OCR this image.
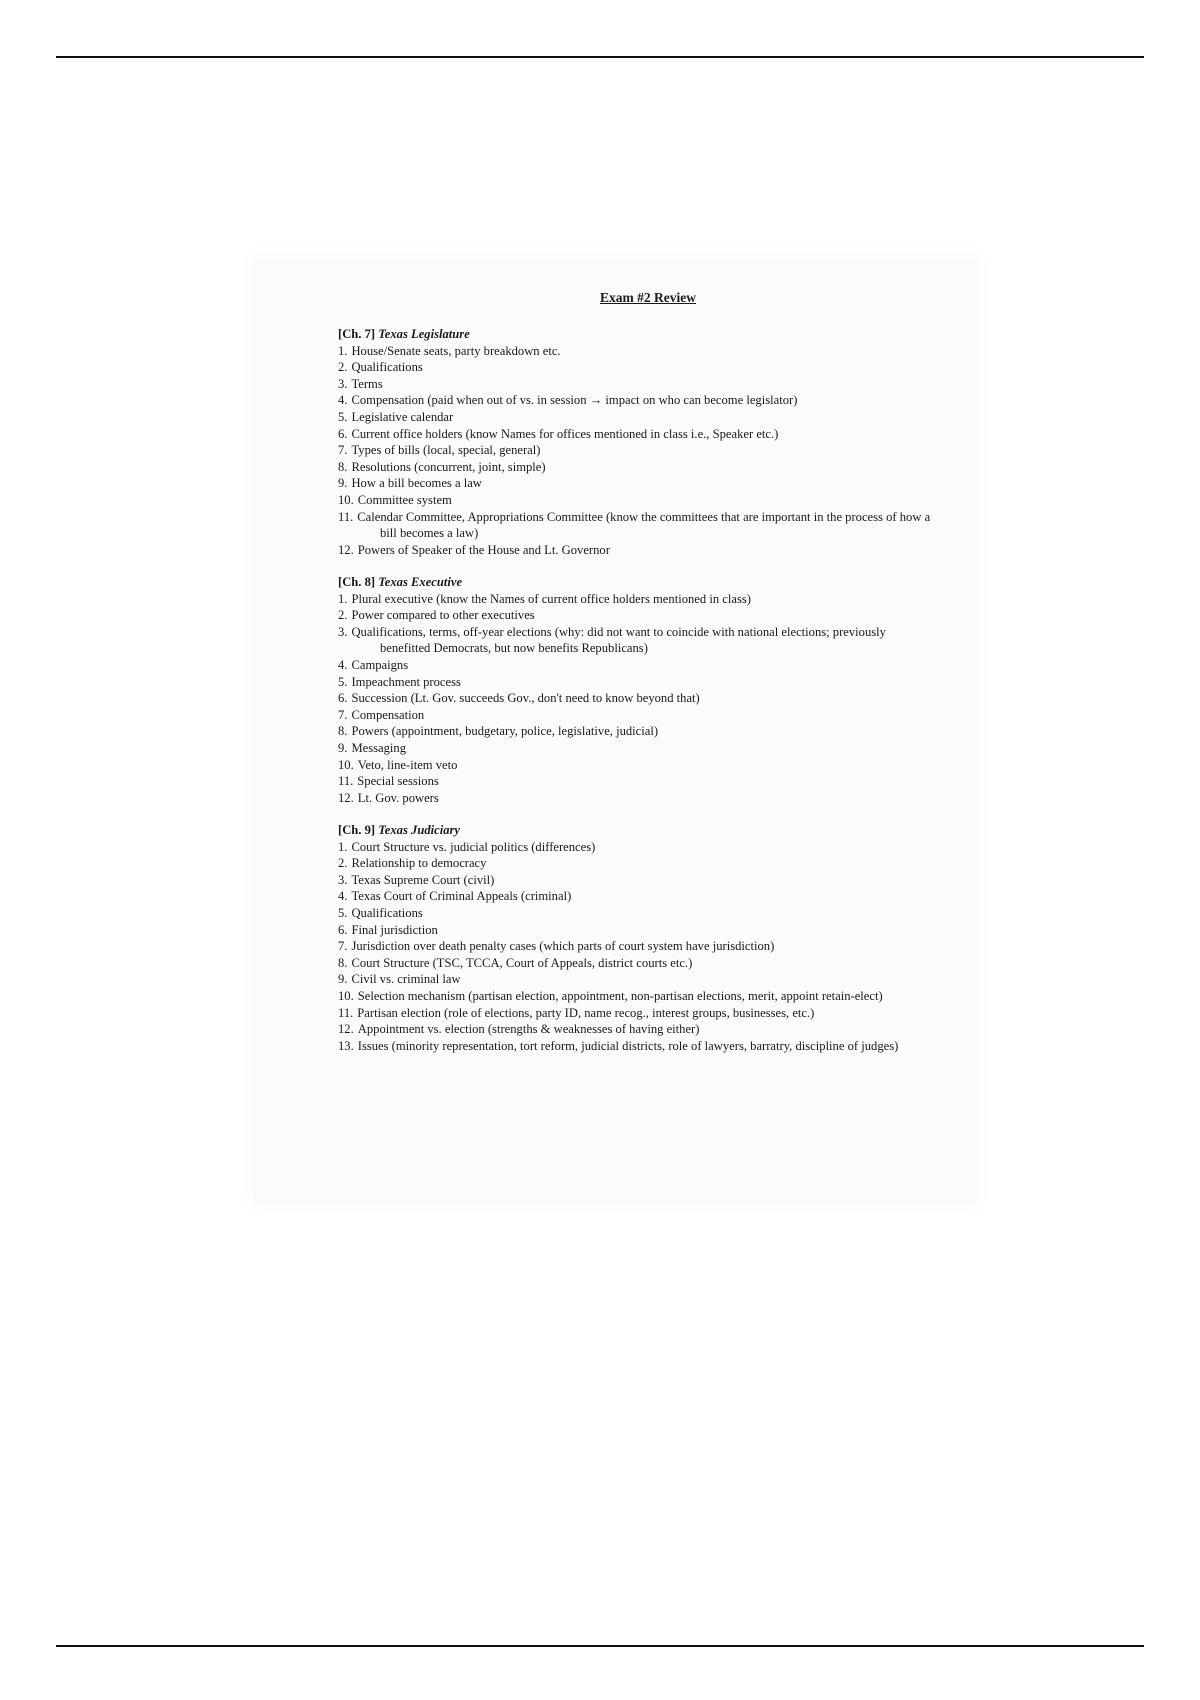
Exam #2 Review
[Ch. 7] Texas Legislature
1. House/Senate seats, party breakdown etc.
2. Qualifications
3. Terms
4. Compensation (paid when out of vs. in session → impact on who can become legislator)
5. Legislative calendar
6. Current office holders (know Names for offices mentioned in class i.e., Speaker etc.)
7. Types of bills (local, special, general)
8. Resolutions (concurrent, joint, simple)
9. How a bill becomes a law
10. Committee system
11. Calendar Committee, Appropriations Committee (know the committees that are important in the process of how a bill becomes a law)
12. Powers of Speaker of the House and Lt. Governor
[Ch. 8] Texas Executive
1. Plural executive (know the Names of current office holders mentioned in class)
2. Power compared to other executives
3. Qualifications, terms, off-year elections (why: did not want to coincide with national elections; previously benefitted Democrats, but now benefits Republicans)
4. Campaigns
5. Impeachment process
6. Succession (Lt. Gov. succeeds Gov., don't need to know beyond that)
7. Compensation
8. Powers (appointment, budgetary, police, legislative, judicial)
9. Messaging
10. Veto, line-item veto
11. Special sessions
12. Lt. Gov. powers
[Ch. 9] Texas Judiciary
1. Court Structure vs. judicial politics (differences)
2. Relationship to democracy
3. Texas Supreme Court (civil)
4. Texas Court of Criminal Appeals (criminal)
5. Qualifications
6. Final jurisdiction
7. Jurisdiction over death penalty cases (which parts of court system have jurisdiction)
8. Court Structure (TSC, TCCA, Court of Appeals, district courts etc.)
9. Civil vs. criminal law
10. Selection mechanism (partisan election, appointment, non-partisan elections, merit, appoint retain-elect)
11. Partisan election (role of elections, party ID, name recog., interest groups, businesses, etc.)
12. Appointment vs. election (strengths & weaknesses of having either)
13. Issues (minority representation, tort reform, judicial districts, role of lawyers, barratry, discipline of judges)
